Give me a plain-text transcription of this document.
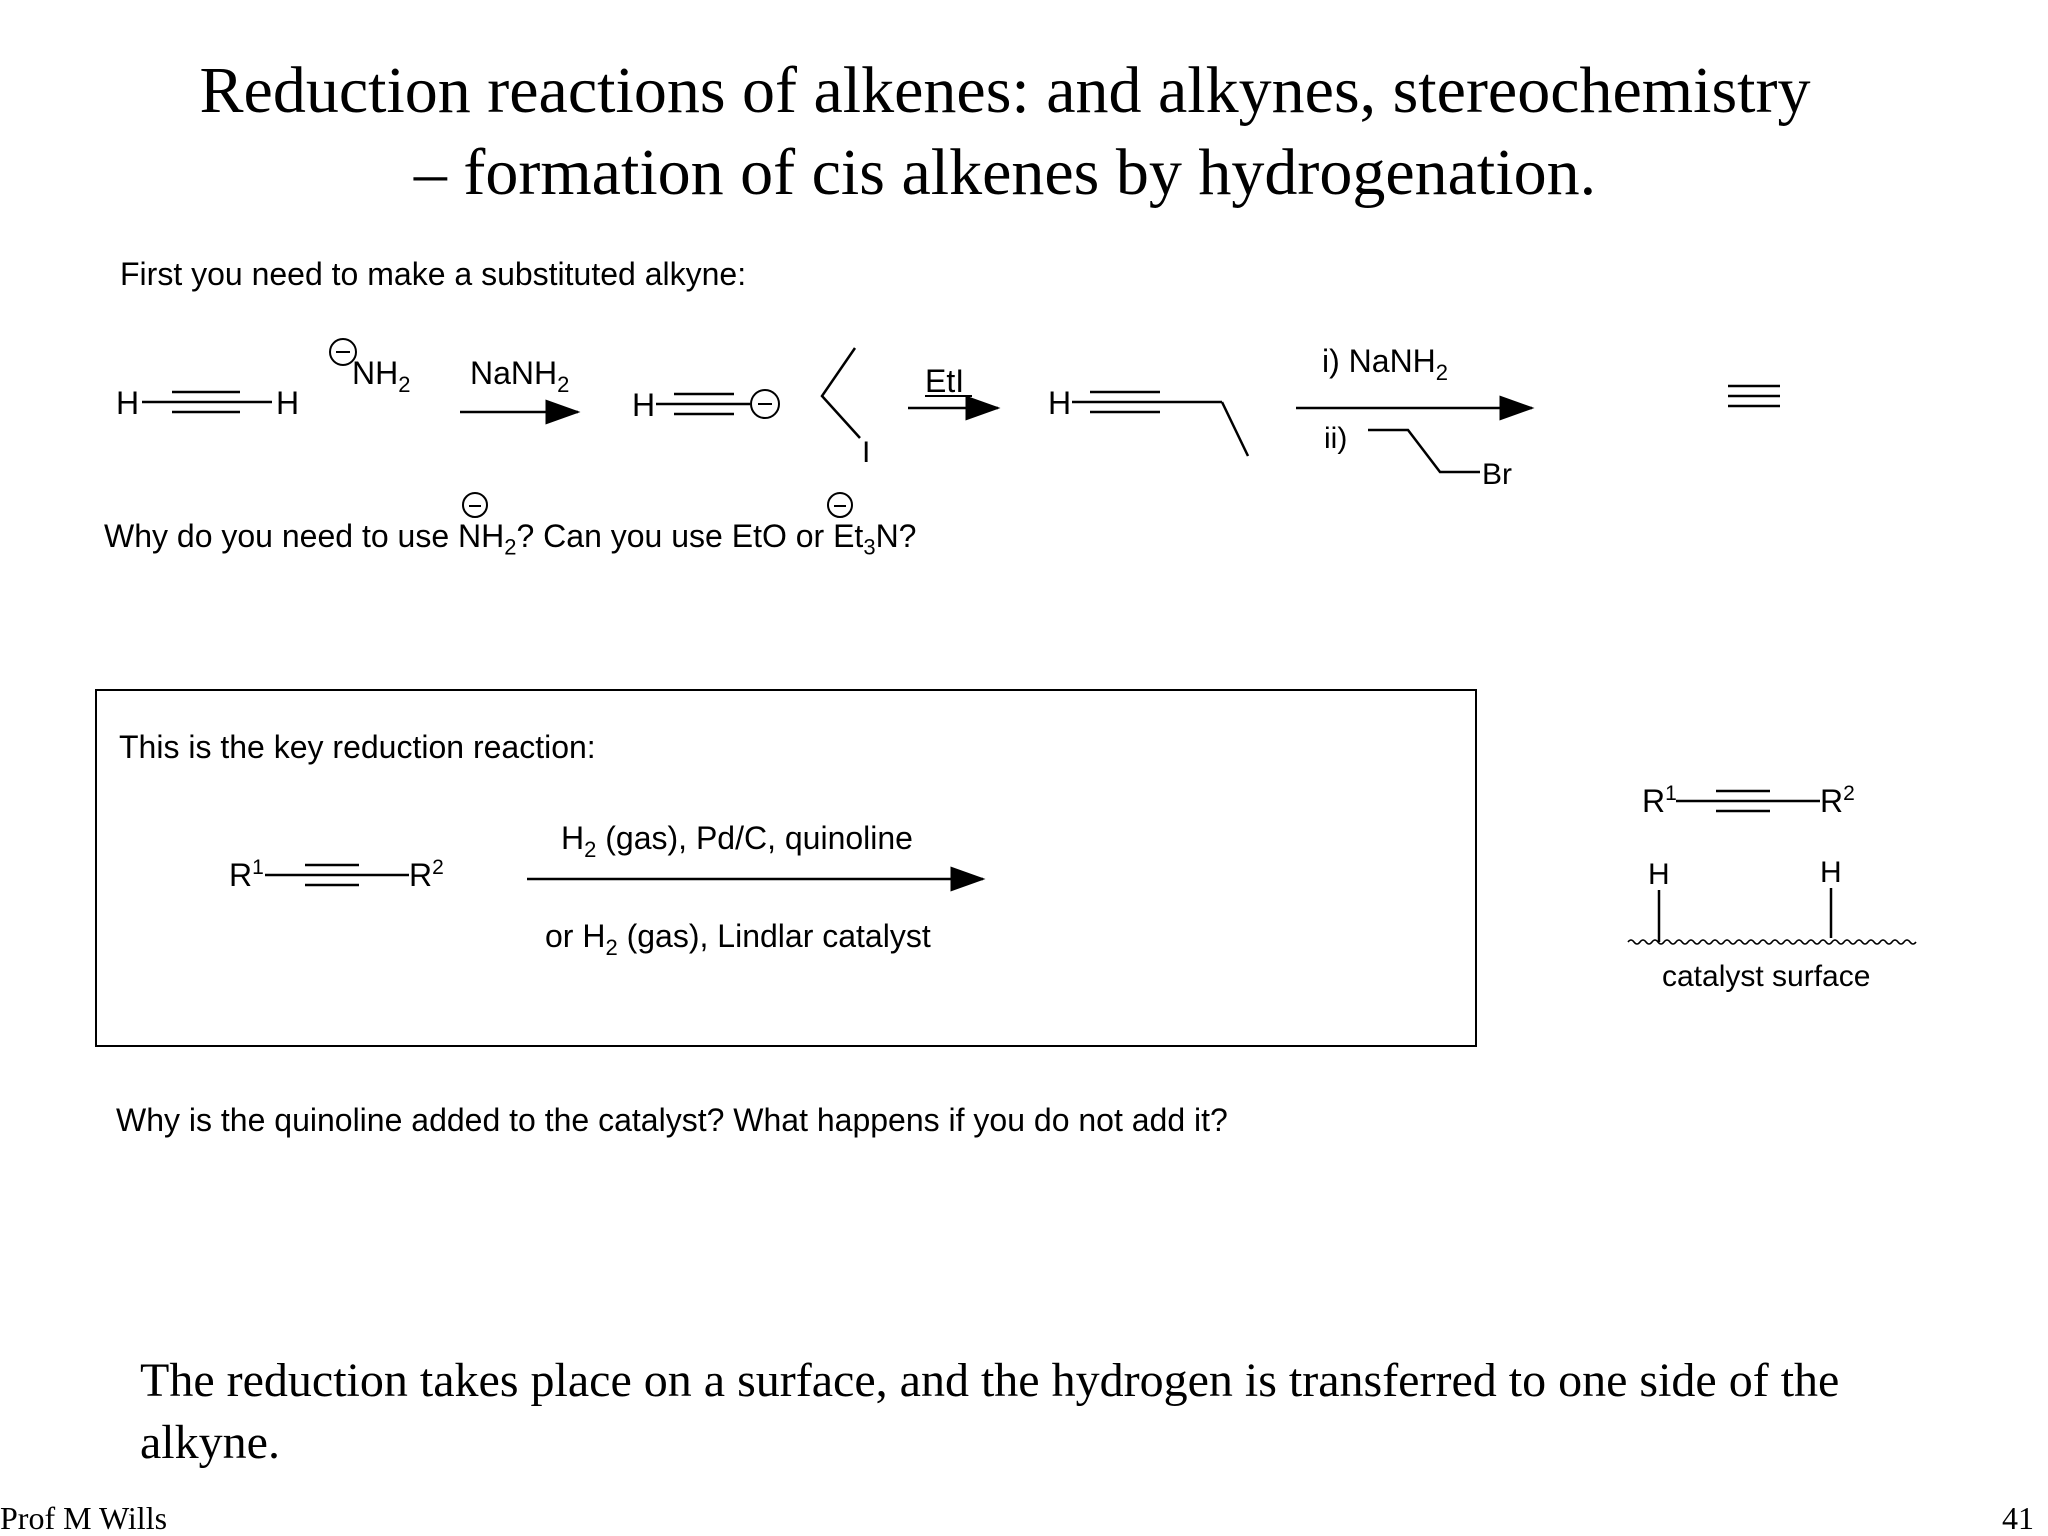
Reduction reactions of alkenes: and alkynes, stereochemistry
– formation of cis alkenes by hydrogenation.
First you need to make a substituted alkyne:
H	H
$NH_2$ NaNH$_2$
H
I
EtI
H
i) NaNH$_2$
ii)
Br
Why do you need to use $NH_2$? Can you use EtO or $Et_3N$?
This is the key reduction reaction:
$R^1$	$R^2$
$H_2$ (gas), Pd/C, quinoline
or $H_2$ (gas), Lindlar catalyst
$R^1$	$R^2$
H	H
catalyst surface
Why is the quinoline added to the catalyst? What happens if you do not add it?
The reduction takes place on a surface, and the hydrogen is transferred to one side of the alkyne.
Prof M Wills	41
